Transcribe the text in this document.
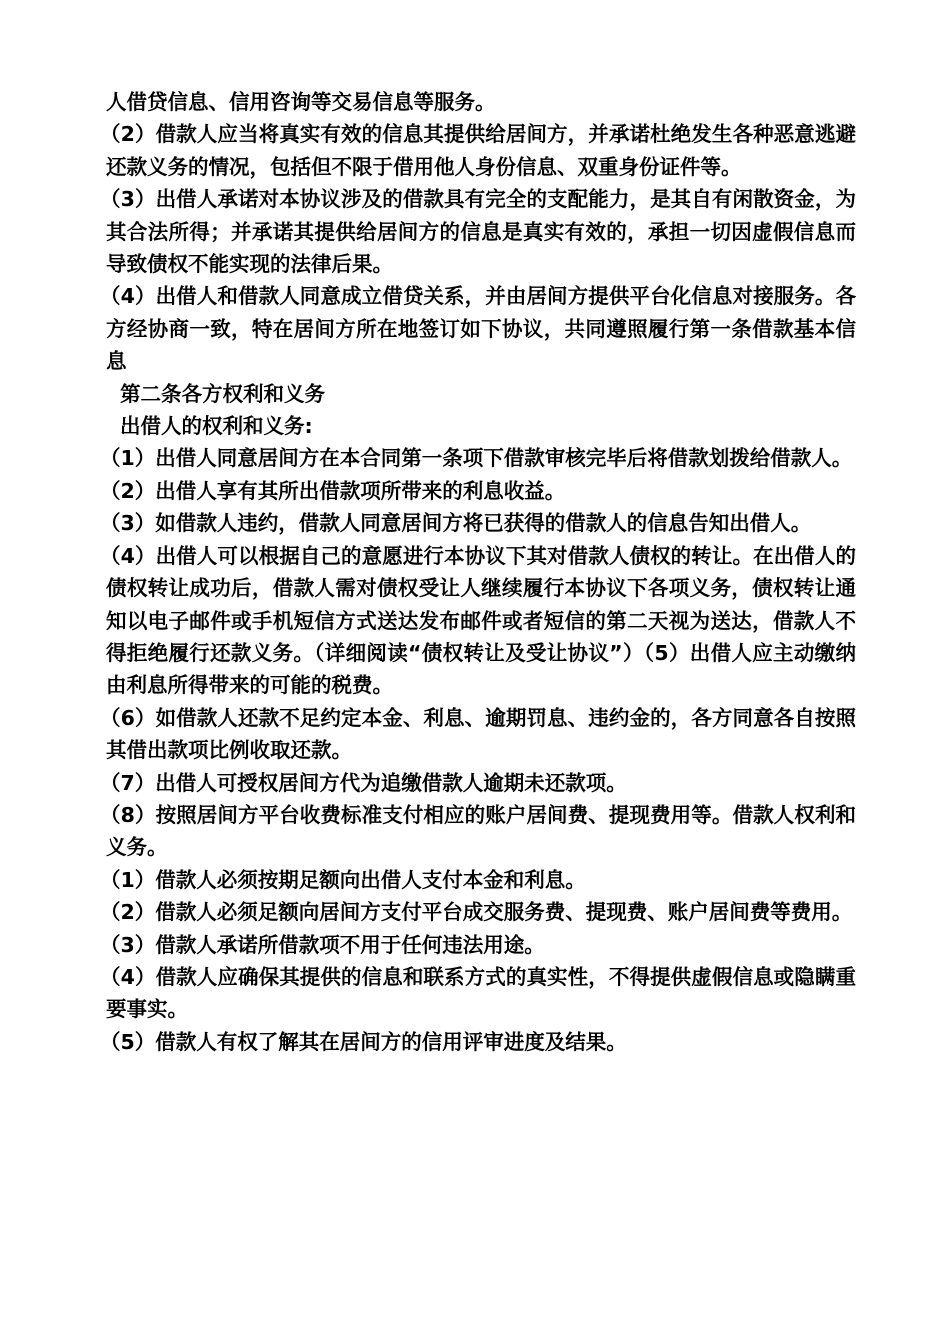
人借贷信息、信用咨询等交易信息等服务。

（2）借款人应当将真实有效的信息其提供给居间方，并承诺杜绝发生各种恶意逃避还款义务的情况，包括但不限于借用他人身份信息、双重身份证件等。

（3）出借人承诺对本协议涉及的借款具有完全的支配能力，是其自有闲散资金，为其合法所得；并承诺其提供给居间方的信息是真实有效的，承担一切因虚假信息而导致债权不能实现的法律后果。

（4）出借人和借款人同意成立借贷关系，并由居间方提供平台化信息对接服务。各方经协商一致，特在居间方所在地签订如下协议，共同遵照履行第一条借款基本信息

第二条各方权利和义务

出借人的权利和义务:

（1）出借人同意居间方在本合同第一条项下借款审核完毕后将借款划拨给借款人。

（2）出借人享有其所出借款项所带来的利息收益。

（3）如借款人违约，借款人同意居间方将已获得的借款人的信息告知出借人。

（4）出借人可以根据自己的意愿进行本协议下其对借款人债权的转让。在出借人的债权转让成功后，借款人需对债权受让人继续履行本协议下各项义务，债权转让通知以电子邮件或手机短信方式送达发布邮件或者短信的第二天视为送达，借款人不得拒绝履行还款义务。（详细阅读“债权转让及受让协议”）（5）出借人应主动缴纳由利息所得带来的可能的税费。

（6）如借款人还款不足约定本金、利息、逾期罚息、违约金的，各方同意各自按照其借出款项比例收取还款。

（7）出借人可授权居间方代为追缴借款人逾期未还款项。

（8）按照居间方平台收费标准支付相应的账户居间费、提现费用等。借款人权利和义务。

（1）借款人必须按期足额向出借人支付本金和利息。

（2）借款人必须足额向居间方支付平台成交服务费、提现费、账户居间费等费用。

（3）借款人承诺所借款项不用于任何违法用途。

（4）借款人应确保其提供的信息和联系方式的真实性，不得提供虚假信息或隐瞒重要事实。

（5）借款人有权了解其在居间方的信用评审进度及结果。
